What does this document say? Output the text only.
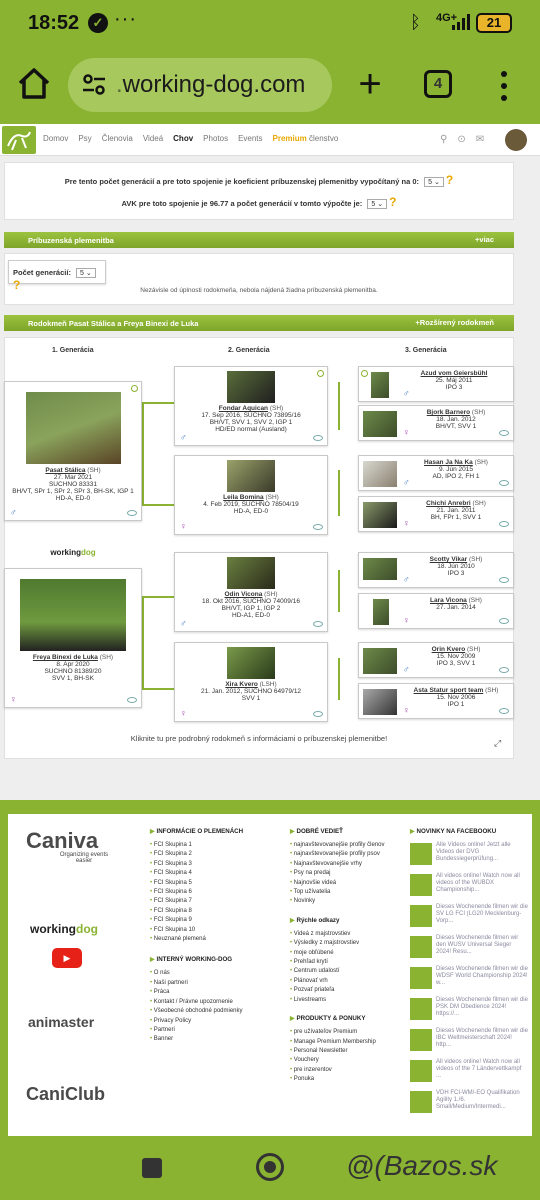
18:52	✓ ···	ᛒ 4G+	21
.working-dog.com +	4
Domov Psy Členovia Videá Chov Photos Events Premium členstvo	⚲ ⊙ ✉
Pre tento počet generácií a pre toto spojenie je koeficient príbuzenskej plemenitby vypočítaný na 0: 5 ⌄ ?
AVK pre toto spojenie je 96.77 a počet generácií v tomto výpočte je: 5 ⌄ ?
Príbuzenská plemenitba	+viac
Počet generácií: 5 ⌄ ?	Nezávisle od úplnosti rodokmeňa, nebola nájdená žiadna príbuzenská plemenitba.
Rodokmeň Pasat Stálica a Freya Binexi de Luka	+Rozšírený rodokmeň
1. Generácia	2. Generácia	3. Generácia
Pasat Stálica (SH)
27. Mar 2021
SUCHNO 83331
BH/VT, SPr 1, SPr 2, SPr 3, BH-SK, IGP 1
HD-A, ED-0
♂
workingdog
Freya Binexi de Luka (SH)
8. Apr 2020
SUCHNO 81389/20
SVV 1, BH-SK
♀
Fondar Aquican (SH)
17. Sep 2016, SUCHNO 73895/16
BH/VT, SVV 1, SVV 2, IGP 1
HD/ED normal (Ausland)
♂
Leila Bomina (SH)
4. Feb 2019, SUCHNO 78504/19
HD-A, ED-0
♀
Odin Vicona (SH)
18. Okt 2016, SUCHNO 74009/16
BH/VT, IGP 1, IGP 2
HD-A1, ED-0
♂
Xira Kvero (LSH)
21. Jan. 2012, SUCHNO 64979/12
SVV 1
♀
Azud vom Geiersbühl
25. Máj 2011
IPO 3
♂
Bjork Barnero (SH)
18. Jan. 2012
BH/VT, SVV 1
♀
Hasan Ja Na Ka (SH)
9. Jún 2015
AD, IPO 2, FH 1
♂
Chichi Anrebri (SH)
21. Jan. 2011
BH, FPr 1, SVV 1
♀
Scotty Vikar (SH)
18. Jún 2010
IPO 3
♂
Lara Vicona (SH)
27. Jan. 2014
♀
Orin Kvero (SH)
15. Nov 2009
IPO 3, SVV 1
♂
Asta Statur sport team (SH)
15. Nov 2006
IPO 1
♀
Kliknite tu pre podrobný rodokmeň s informáciami o príbuzenskej plemenitbe!	⤢
Caniva
Organizing events easier
workingdog
▶
animaster
CaniClub
▶ INFORMÁCIE O PLEMENÁCH
• FCI Skupina 1
• FCI Skupina 2
• FCI Skupina 3
• FCI Skupina 4
• FCI Skupina 5
• FCI Skupina 6
• FCI Skupina 7
• FCI Skupina 8
• FCI Skupina 9
• FCI Skupina 10
• Neuznané plemená
▶ INTERNÝ WORKING-DOG
• O nás
• Naši partneri
• Práca
• Kontakt / Právne upozornenie
• Všeobecné obchodné podmienky
• Privacy Policy
• Partneri
• Banner
▶ DOBRÉ VEDIEŤ
• najnavštevovanejšie profily členov
• najnavštevovanejšie profily psov
• Najnavštevovanejšie vrhy
• Psy na predaj
• Najnovšie videá
• Top užívatelia
• Novinky
▶ Rýchle odkazy
• Videá z majstrovstiev
• Výsledky z majstrovstiev
• moje obľúbené
• Prehľad krytí
• Centrum udalostí
• Plánovať vrh
• Pozvať priateľa
• Livestreams
▶ PRODUKTY & PONUKY
• pre užívateľov Premium
• Manage Premium Membership
• Personal Newsletter
• Vouchery
• pre inzerentov
• Ponuka
▶ NOVINKY NA FACEBOOKU
Alle Videos online! Jetzt alle Videos der DVG Bundessiegerprüfung...
All videos online! Watch now all videos of the WUBDX Championship...
Dieses Wochenende filmen wir die SV LG FCI (LG20 Mecklenburg-Vorp...
Dieses Wochenende filmen wir den WUSV Universal Sieger 2024! Resu...
Dieses Wochenende filmen wir die WDSF World Championship 2024! w...
Dieses Wochenende filmen wir die PSK DM Obedience 2024! https://...
Dieses Wochenende filmen wir die IBC Weltmeisterschaft 2024! http...
All videos online! Watch now all videos of the 7 Ländervettkampf ...
VDH FCI-WM/-EO Qualifikation Agility 1./6. Small/Medium/Intermedi...
@(Bazos.sk
